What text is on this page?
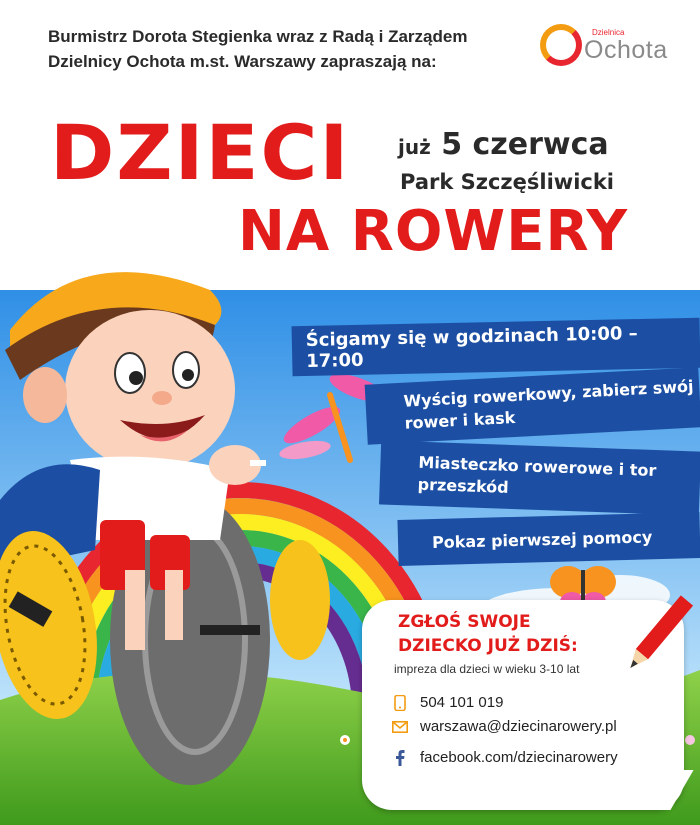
Burmistrz Dorota Stegienka wraz z Radą i Zarządem
Dzielnicy Ochota m.st. Warszawy zapraszają na:
Dzielnica
Ochota
DZIECI już 5 czerwca
Park Szczęśliwicki
NA ROWERY
Ścigamy się w godzinach 10:00 – 17:00
Wyścig rowerkowy, zabierz swój rower i kask
Miasteczko rowerowe i tor przeszkód
Pokaz pierwszej pomocy
ZGŁOŚ SWOJE
DZIECKO JUŻ DZIŚ:
impreza dla dzieci w wieku 3-10 lat
504 101 019
warszawa@dziecinarowery.pl
facebook.com/dziecinarowery
